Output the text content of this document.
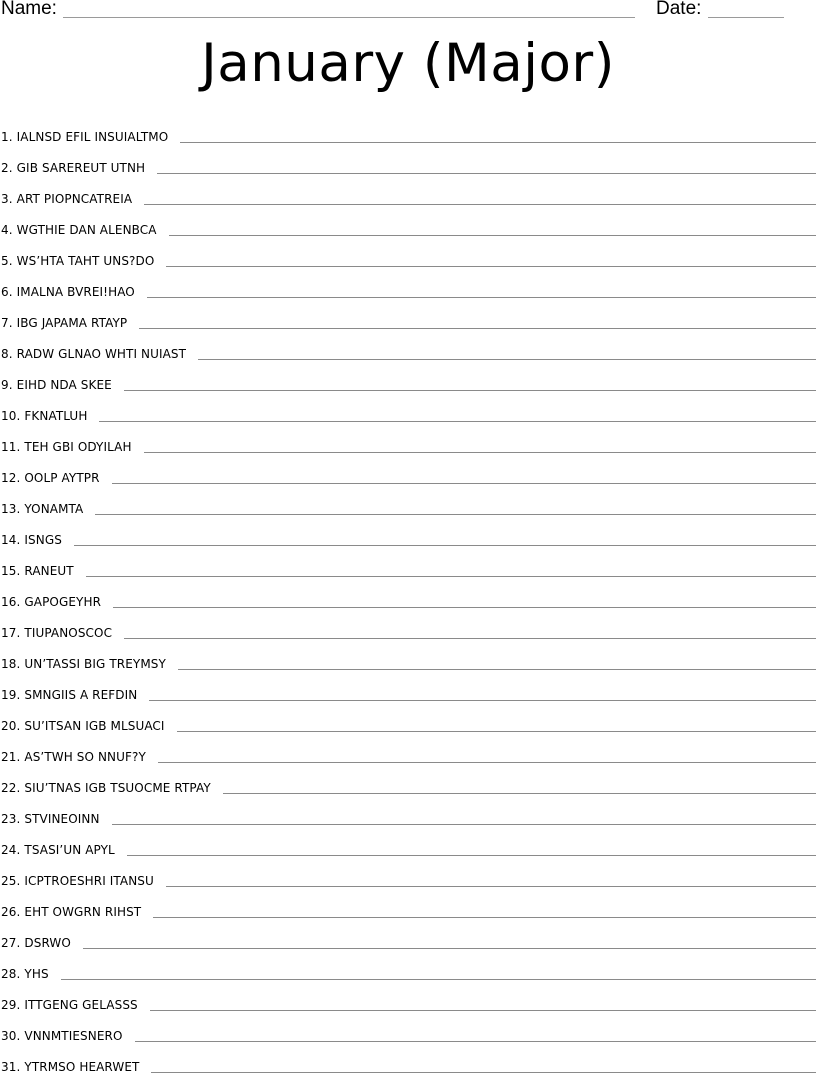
Name:	Date:
January (Major)
1. IALNSD EFIL INSUIALTMO
2. GIB SAREREUT UTNH
3. ART PIOPNCATREIA
4. WGTHIE DAN ALENBCA
5. WS’HTA TAHT UNS?DO
6. IMALNA BVREI!HAO
7. IBG JAPAMA RTAYP
8. RADW GLNAO WHTI NUIAST
9. EIHD NDA SKEE
10. FKNATLUH
11. TEH GBI ODYILAH
12. OOLP AYTPR
13. YONAMTA
14. ISNGS
15. RANEUT
16. GAPOGEYHR
17. TIUPANOSCOC
18. UN’TASSI BIG TREYMSY
19. SMNGIIS A REFDIN
20. SU’ITSAN IGB MLSUACI
21. AS’TWH SO NNUF?Y
22. SIU’TNAS IGB TSUOCME RTPAY
23. STVINEOINN
24. TSASI’UN APYL
25. ICPTROESHRI ITANSU
26. EHT OWGRN RIHST
27. DSRWO
28. YHS
29. ITTGENG GELASSS
30. VNNMTIESNERO
31. YTRMSO HEARWET
